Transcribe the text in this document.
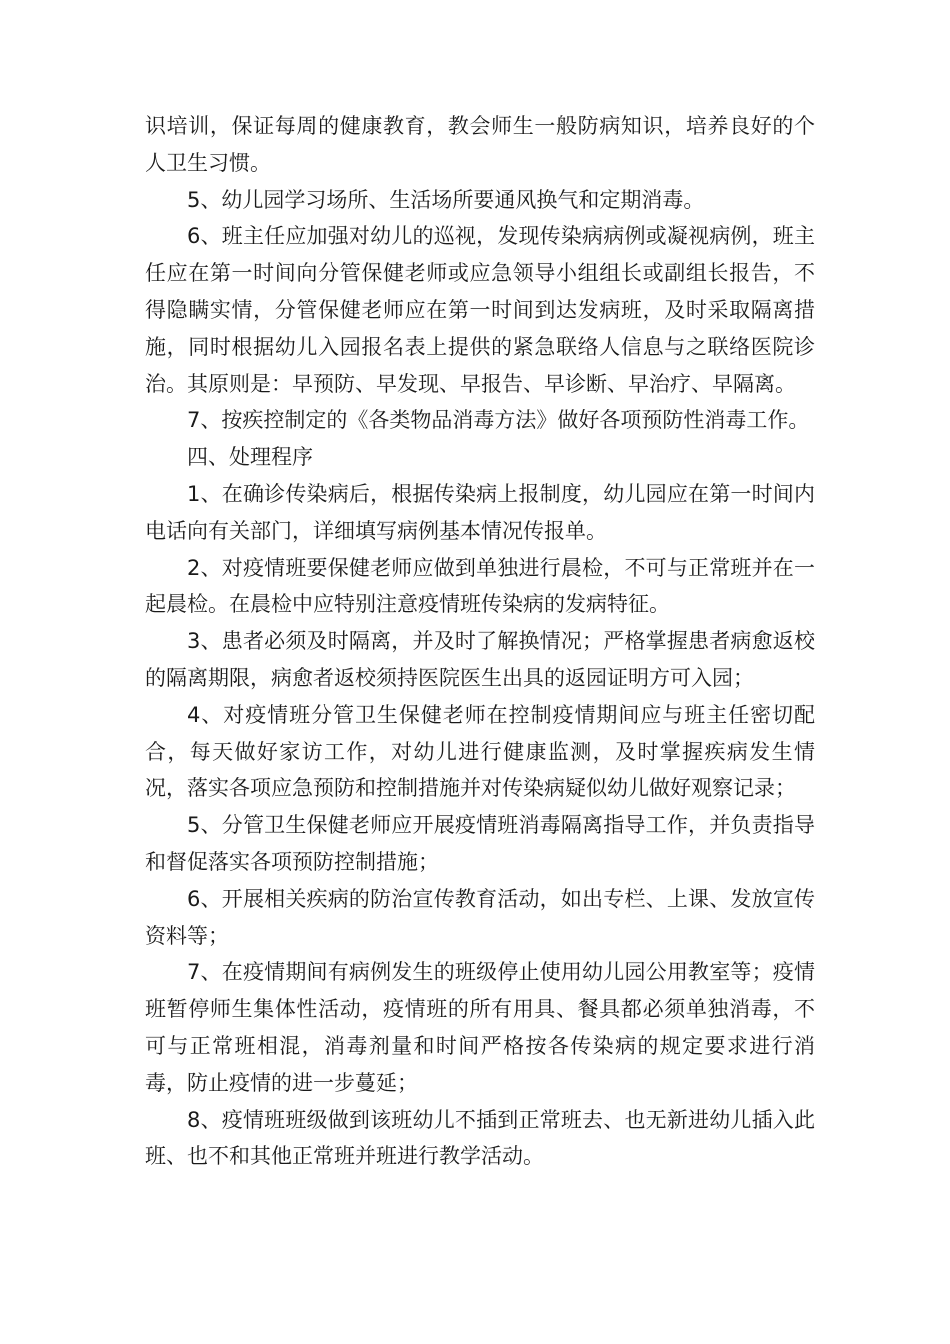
识培训，保证每周的健康教育，教会师生一般防病知识，培养良好的个人卫生习惯。

5、幼儿园学习场所、生活场所要通风换气和定期消毒。

6、班主任应加强对幼儿的巡视，发现传染病病例或凝视病例，班主任应在第一时间向分管保健老师或应急领导小组组长或副组长报告，不得隐瞒实情，分管保健老师应在第一时间到达发病班，及时采取隔离措施，同时根据幼儿入园报名表上提供的紧急联络人信息与之联络医院诊治。其原则是：早预防、早发现、早报告、早诊断、早治疗、早隔离。

7、按疾控制定的《各类物品消毒方法》做好各项预防性消毒工作。

四、处理程序

1、在确诊传染病后，根据传染病上报制度，幼儿园应在第一时间内电话向有关部门，详细填写病例基本情况传报单。

2、对疫情班要保健老师应做到单独进行晨检，不可与正常班并在一起晨检。在晨检中应特别注意疫情班传染病的发病特征。

3、患者必须及时隔离，并及时了解换情况；严格掌握患者病愈返校的隔离期限，病愈者返校须持医院医生出具的返园证明方可入园；

4、对疫情班分管卫生保健老师在控制疫情期间应与班主任密切配合，每天做好家访工作，对幼儿进行健康监测，及时掌握疾病发生情况，落实各项应急预防和控制措施并对传染病疑似幼儿做好观察记录；

5、分管卫生保健老师应开展疫情班消毒隔离指导工作，并负责指导和督促落实各项预防控制措施；

6、开展相关疾病的防治宣传教育活动，如出专栏、上课、发放宣传资料等；

7、在疫情期间有病例发生的班级停止使用幼儿园公用教室等；疫情班暂停师生集体性活动，疫情班的所有用具、餐具都必须单独消毒，不可与正常班相混，消毒剂量和时间严格按各传染病的规定要求进行消毒，防止疫情的进一步蔓延；

8、疫情班班级做到该班幼儿不插到正常班去、也无新进幼儿插入此班、也不和其他正常班并班进行教学活动。
